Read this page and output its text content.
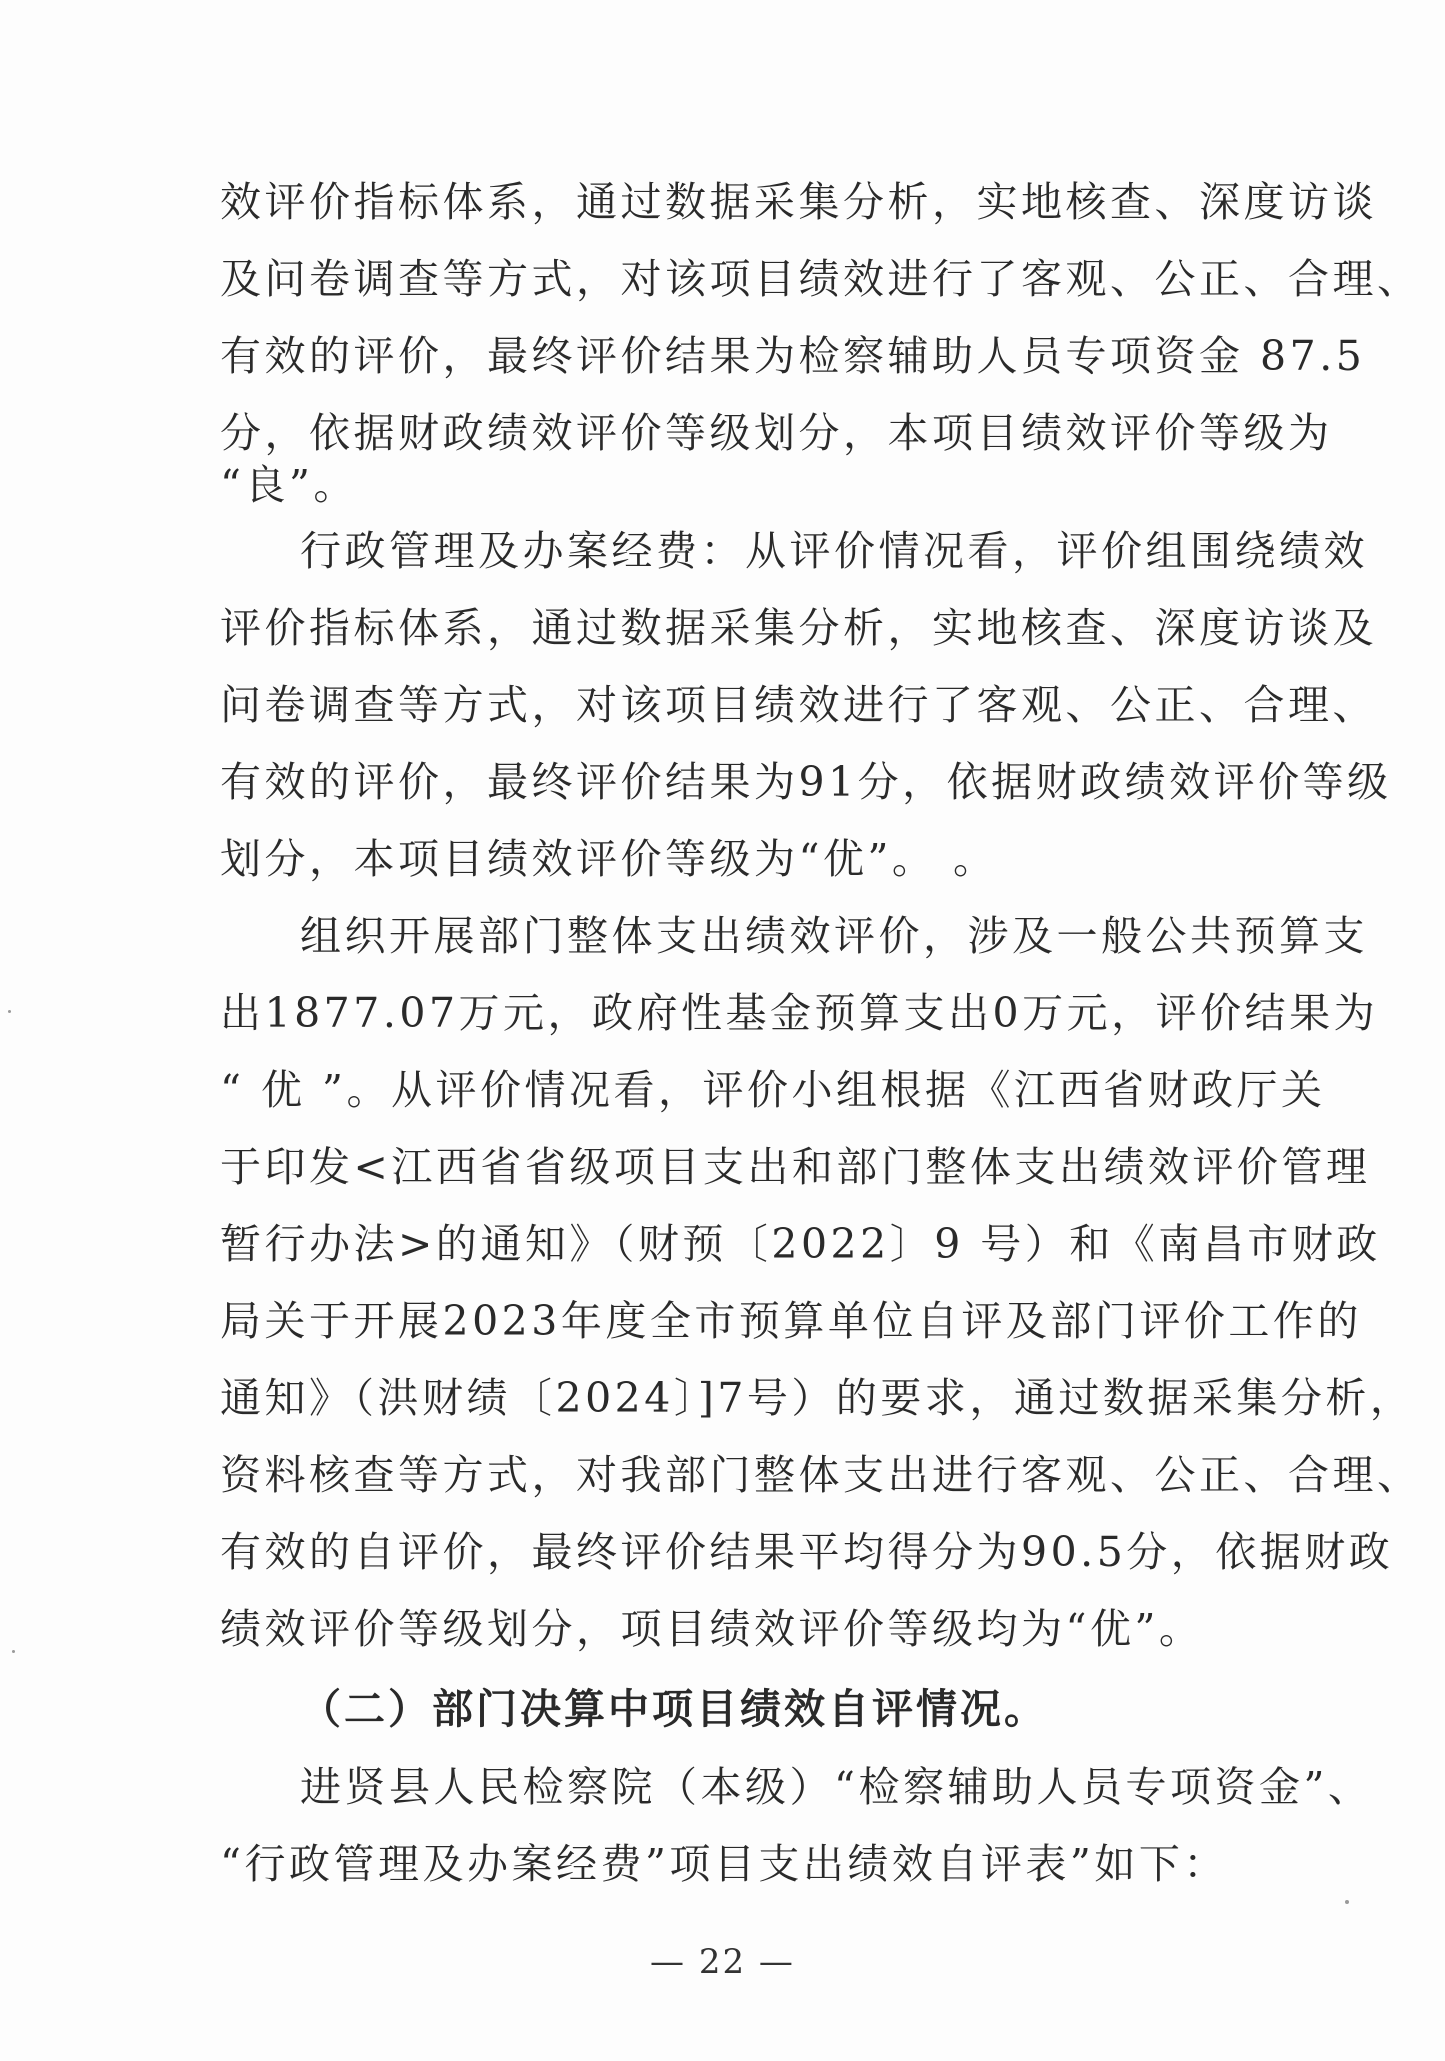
效评价指标体系，通过数据采集分析，实地核查、深度访谈
及问卷调查等方式，对该项目绩效进行了客观、公正、合理、
有效的评价，最终评价结果为检察辅助人员专项资金 87.5
分，依据财政绩效评价等级划分，本项目绩效评价等级为
“良”。
行政管理及办案经费：从评价情况看，评价组围绕绩效
评价指标体系，通过数据采集分析，实地核查、深度访谈及
问卷调查等方式，对该项目绩效进行了客观、公正、合理、
有效的评价，最终评价结果为91分，依据财政绩效评价等级
划分，本项目绩效评价等级为“优”。 。
组织开展部门整体支出绩效评价，涉及一般公共预算支
出1877.07万元，政府性基金预算支出0万元，评价结果为
“ 优 ”。从评价情况看，评价小组根据《江西省财政厅关
于印发<江西省省级项目支出和部门整体支出绩效评价管理
暂行办法>的通知》（财预〔2022〕9 号）和《南昌市财政
局关于开展2023年度全市预算单位自评及部门评价工作的
通知》（洪财绩〔2024〕]7号）的要求，通过数据采集分析，
资料核查等方式，对我部门整体支出进行客观、公正、合理、
有效的自评价，最终评价结果平均得分为90.5分，依据财政
绩效评价等级划分，项目绩效评价等级均为“优”。
（二）部门决算中项目绩效自评情况。
进贤县人民检察院（本级）“检察辅助人员专项资金”、
“行政管理及办案经费”项目支出绩效自评表”如下：
— 22 —
